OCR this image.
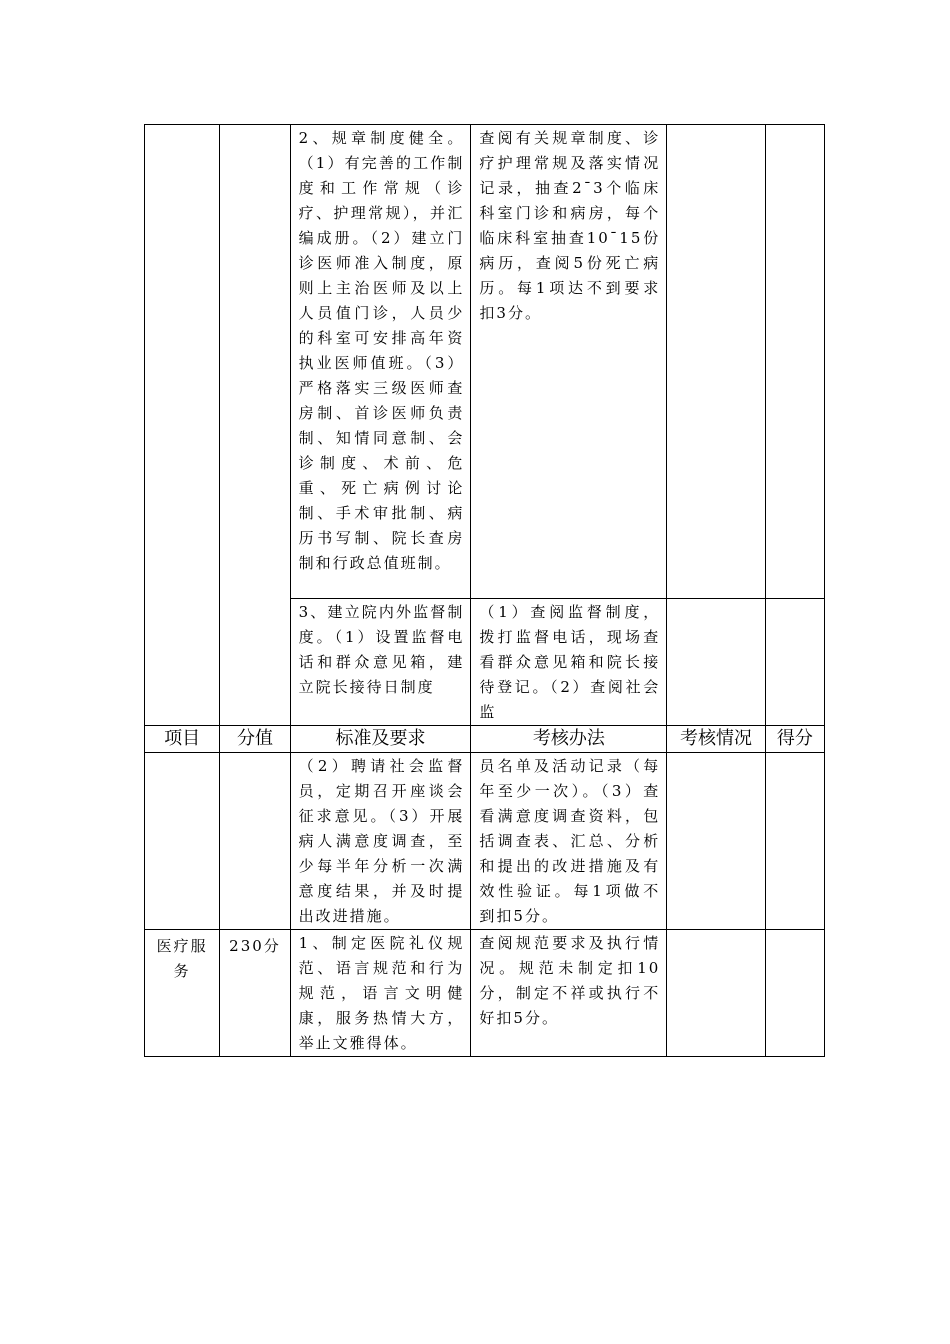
		2、规章制度健全。（1）有完善的工作制度和工作常规（诊疗、护理常规），并汇编成册。（2）建立门诊医师准入制度，原则上主治医师及以上人员值门诊，人员少的科室可安排高年资执业医师值班。（3）严格落实三级医师查房制、首诊医师负责制、知情同意制、会诊制度、术前、危重、死亡病例讨论制、手术审批制、病历书写制、院长查房制和行政总值班制。	查阅有关规章制度、诊疗护理常规及落实情况记录，抽查2¯3个临床科室门诊和病房，每个临床科室抽查10¯15份病历，查阅5份死亡病历。每1项达不到要求扣3分。		

		3、建立院内外监督制度。（1）设置监督电话和群众意见箱，建立院长接待日制度	（1）查阅监督制度，拨打监督电话，现场查看群众意见箱和院长接待登记。（2）查阅社会监		

项目	分值	标准及要求	考核办法	考核情况	得分

		（2）聘请社会监督员，定期召开座谈会征求意见。（3）开展病人满意度调查，至少每半年分析一次满意度结果，并及时提出改进措施。	员名单及活动记录（每年至少一次）。（3）查看满意度调查资料，包括调查表、汇总、分析和提出的改进措施及有效性验证。每1项做不到扣5分。		

医疗服务	230分	1、制定医院礼仪规范、语言规范和行为规范，语言文明健康，服务热情大方，举止文雅得体。	查阅规范要求及执行情况。规范未制定扣10分，制定不祥或执行不好扣5分。		
